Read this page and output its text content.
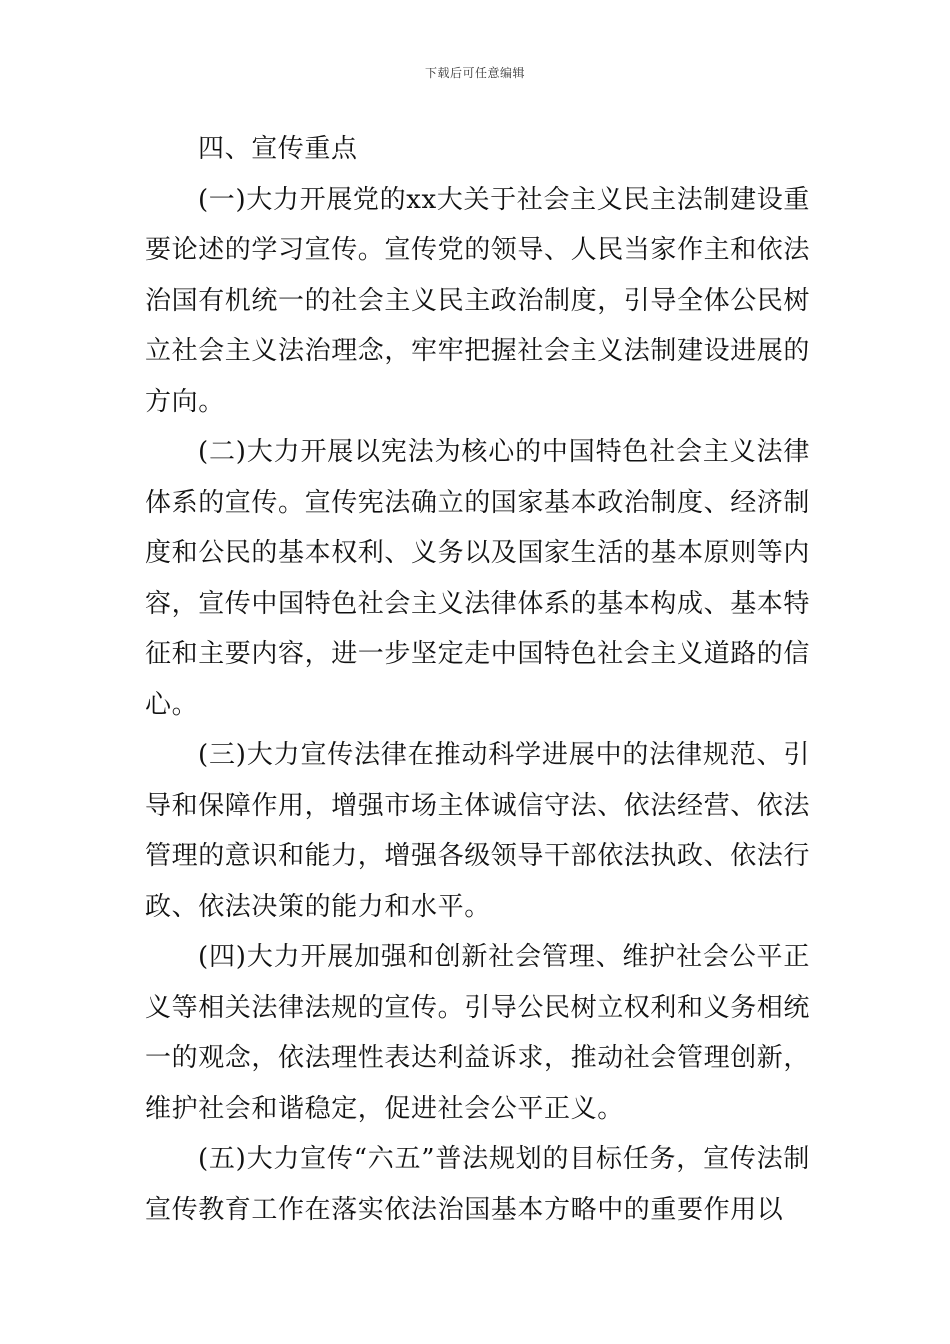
下载后可任意编辑

四、宣传重点

(一)大力开展党的xx大关于社会主义民主法制建设重要论述的学习宣传。宣传党的领导、人民当家作主和依法治国有机统一的社会主义民主政治制度，引导全体公民树立社会主义法治理念，牢牢把握社会主义法制建设进展的方向。

(二)大力开展以宪法为核心的中国特色社会主义法律体系的宣传。宣传宪法确立的国家基本政治制度、经济制度和公民的基本权利、义务以及国家生活的基本原则等内容，宣传中国特色社会主义法律体系的基本构成、基本特征和主要内容，进一步坚定走中国特色社会主义道路的信心。

(三)大力宣传法律在推动科学进展中的法律规范、引导和保障作用，增强市场主体诚信守法、依法经营、依法管理的意识和能力，增强各级领导干部依法执政、依法行政、依法决策的能力和水平。

(四)大力开展加强和创新社会管理、维护社会公平正义等相关法律法规的宣传。引导公民树立权利和义务相统一的观念，依法理性表达利益诉求，推动社会管理创新，维护社会和谐稳定，促进社会公平正义。

(五)大力宣传“六五”普法规划的目标任务，宣传法制宣传教育工作在落实依法治国基本方略中的重要作用以
